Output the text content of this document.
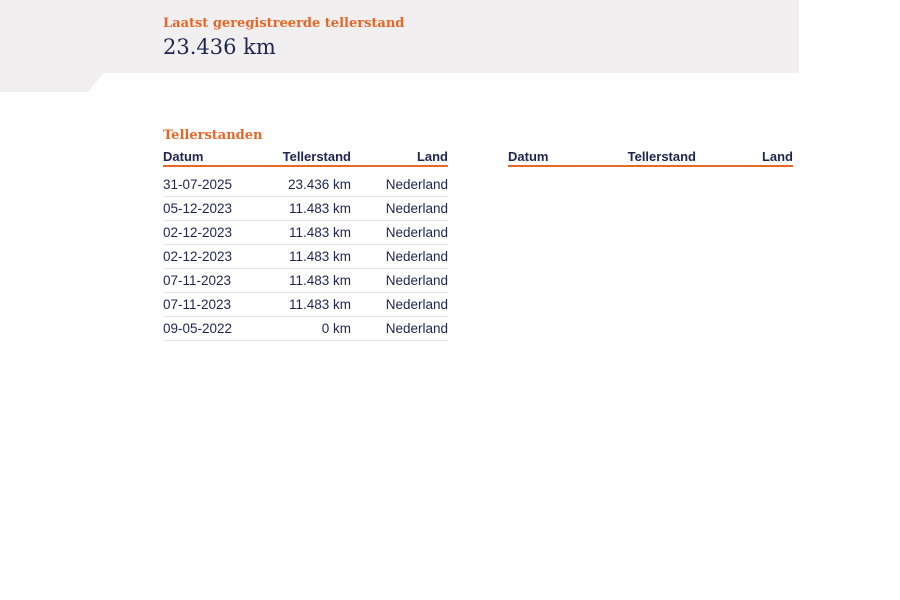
Laatst geregistreerde tellerstand
23.436 km
Tellerstanden
Datum	Tellerstand	Land
31-07-2025	23.436 km	Nederland
05-12-2023	11.483 km	Nederland
02-12-2023	11.483 km	Nederland
02-12-2023	11.483 km	Nederland
07-11-2023	11.483 km	Nederland
07-11-2023	11.483 km	Nederland
09-05-2022	0 km	Nederland
Datum	Tellerstand	Land
